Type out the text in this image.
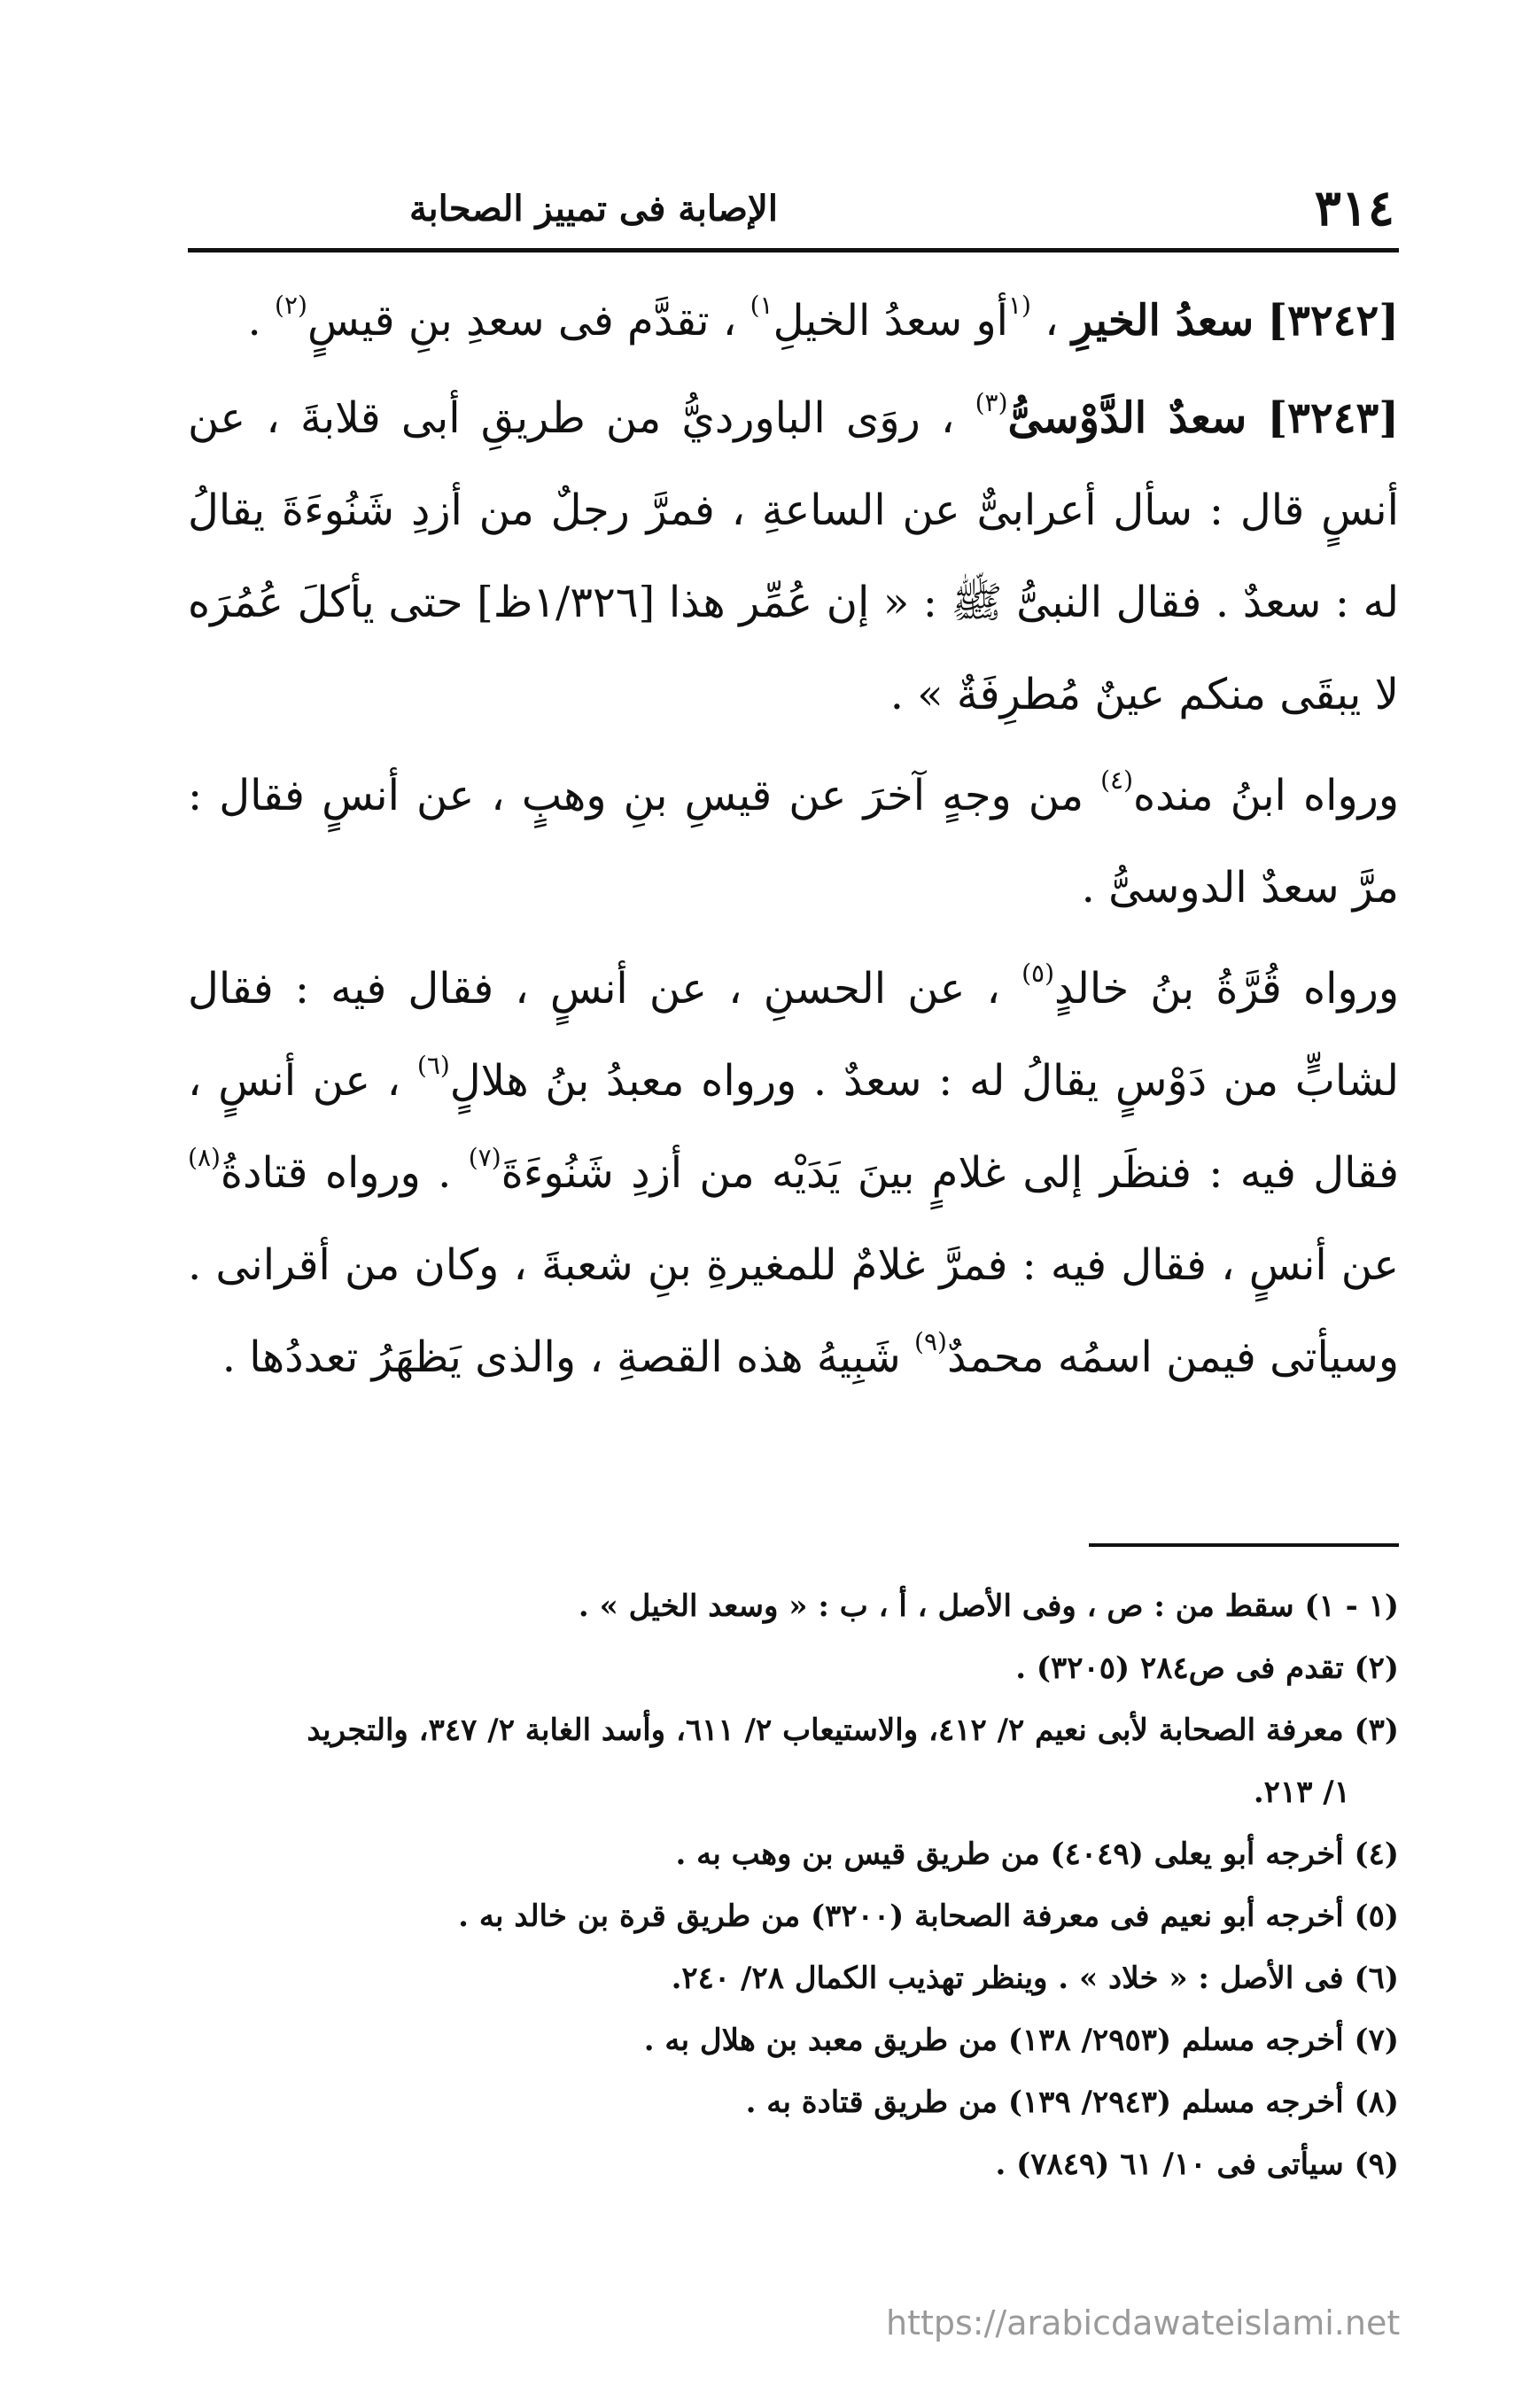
٣١٤
الإصابة فى تمييز الصحابة

[٣٢٤٢] سعدُ الخيرِ ، $^{(١}$أو سعدُ الخيلِ$^{١)}$ ، تقدَّم فى سعدِ بنِ قيسٍ$^{(٢)}$ .

[٣٢٤٣] سعدٌ الدَّوْسىُّ$^{(٣)}$ ، روَى الباورديُّ من طريقِ أبى قلابةَ ، عن أنسٍ قال : سأل أعرابىٌّ عن الساعةِ ، فمرَّ رجلٌ من أزدِ شَنُوءَةَ يقالُ له : سعدٌ . فقال النبىُّ ﷺ : « إن عُمِّر هذا [١/٣٢٦ظ] حتى يأكلَ عُمُرَه لا يبقَى منكم عينٌ مُطرِفَةٌ » .

ورواه ابنُ منده$^{(٤)}$ من وجهٍ آخرَ عن قيسِ بنِ وهبٍ ، عن أنسٍ فقال : مرَّ سعدٌ الدوسىُّ .

ورواه قُرَّةُ بنُ خالدٍ$^{(٥)}$ ، عن الحسنِ ، عن أنسٍ ، فقال فيه : فقال لشابٍّ من دَوْسٍ يقالُ له : سعدٌ . ورواه معبدُ بنُ هلالٍ$^{(٦)}$ ، عن أنسٍ ، فقال فيه : فنظَر إلى غلامٍ بينَ يَدَيْه من أزدِ شَنُوءَةَ$^{(٧)}$ . ورواه قتادةُ$^{(٨)}$ عن أنسٍ ، فقال فيه : فمرَّ غلامٌ للمغيرةِ بنِ شعبةَ ، وكان من أقرانى . وسيأتى فيمن اسمُه محمدٌ$^{(٩)}$ شَبِيهُ هذه القصةِ ، والذى يَظهَرُ تعددُها .

(١ - ١) سقط من : ص ، وفى الأصل ، أ ، ب : « وسعد الخيل » .

(٢) تقدم فى ص٢٨٤ (٣٢٠٥) .

(٣) معرفة الصحابة لأبى نعيم ٢/ ٤١٢، والاستيعاب ٢/ ٦١١، وأسد الغابة ٢/ ٣٤٧، والتجريد
١/ ٢١٣.

(٤) أخرجه أبو يعلى (٤٠٤٩) من طريق قيس بن وهب به .

(٥) أخرجه أبو نعيم فى معرفة الصحابة (٣٢٠٠) من طريق قرة بن خالد به .

(٦) فى الأصل : « خلاد » . وينظر تهذيب الكمال ٢٨/ ٢٤٠.

(٧) أخرجه مسلم (٢٩٥٣/ ١٣٨) من طريق معبد بن هلال به .

(٨) أخرجه مسلم (٢٩٤٣/ ١٣٩) من طريق قتادة به .

(٩) سيأتى فى ١٠/ ٦١ (٧٨٤٩) .

https://arabicdawateislami.net
